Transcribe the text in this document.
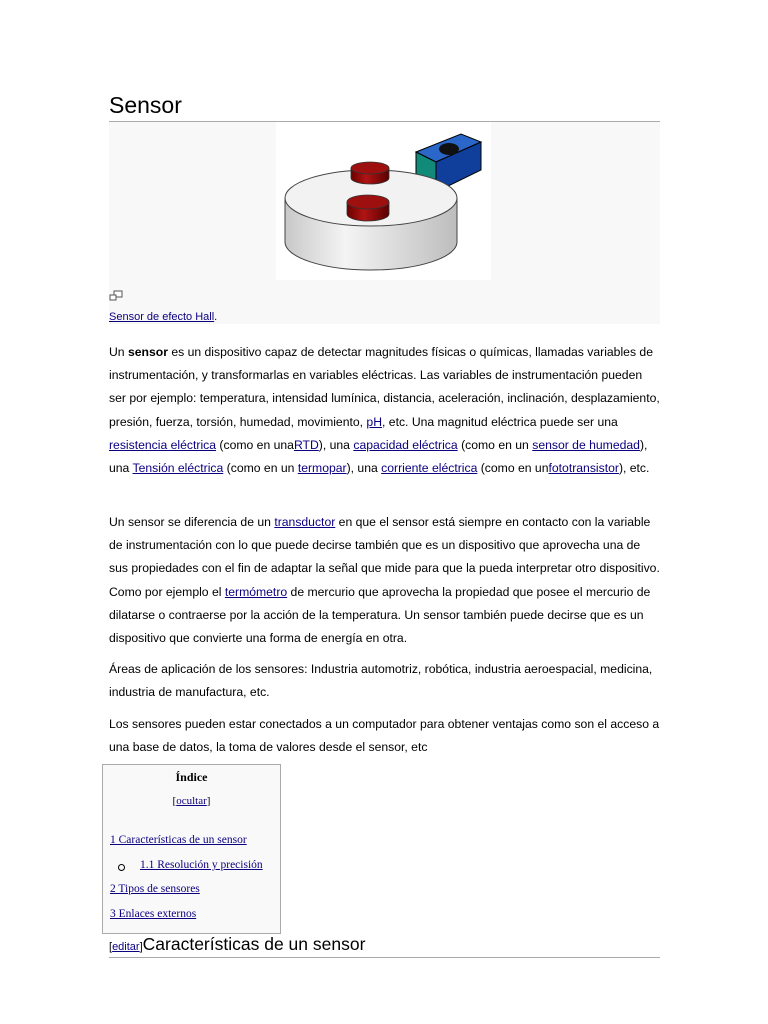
Sensor
Sensor de efecto Hall.

Un sensor es un dispositivo capaz de detectar magnitudes físicas o químicas, llamadas variables de instrumentación, y transformarlas en variables eléctricas. Las variables de instrumentación pueden ser por ejemplo: temperatura, intensidad lumínica, distancia, aceleración, inclinación, desplazamiento, presión, fuerza, torsión, humedad, movimiento, pH, etc. Una magnitud eléctrica puede ser una resistencia eléctrica (como en unaRTD), una capacidad eléctrica (como en un sensor de humedad), una Tensión eléctrica (como en un termopar), una corriente eléctrica (como en unfototransistor), etc.

Un sensor se diferencia de un transductor en que el sensor está siempre en contacto con la variable de instrumentación con lo que puede decirse también que es un dispositivo que aprovecha una de sus propiedades con el fin de adaptar la señal que mide para que la pueda interpretar otro dispositivo. Como por ejemplo el termómetro de mercurio que aprovecha la propiedad que posee el mercurio de dilatarse o contraerse por la acción de la temperatura. Un sensor también puede decirse que es un dispositivo que convierte una forma de energía en otra.

Áreas de aplicación de los sensores: Industria automotriz, robótica, industria aeroespacial, medicina, industria de manufactura, etc.

Los sensores pueden estar conectados a un computador para obtener ventajas como son el acceso a una base de datos, la toma de valores desde el sensor, etc

Índice
[ocultar]
1 Características de un sensor
1.1 Resolución y precisión
2 Tipos de sensores
3 Enlaces externos
[editar]Características de un sensor
